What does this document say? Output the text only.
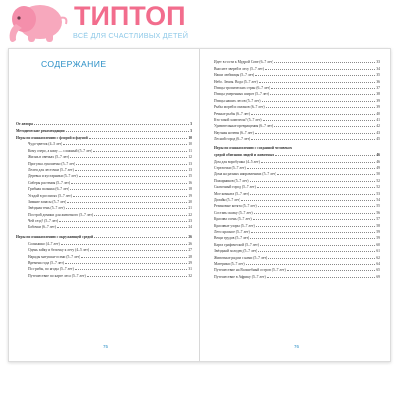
ТИПТОП
ВСЁ ДЛЯ СЧАСТЛИВЫХ ДЕТЕЙ
СОДЕРЖАНИЕ
От автора	3
Методические рекомендации	3
Игры по ознакомлению с флорой и фауной	10
Чудо-цветок (4–5 лет)	10
Кому озеро, а кому — сложный (5–7 лет)	11
Жизнь в овечках (5–7 лет)	12
Прогулка лукошечко (5–7 лет)	13
Лелеи для лесточки (5–7 лет)	13
Деревья и кустарники (5–7 лет)	15
Сиберы растения (5–7 лет)	16
Грибная полянка (6–7 лет)	18
Угадай в росписях (5–7 лет)	19
Зимние запасы (5–7 лет)	20
Звёздная тень (5–7 лет)	21
Построй домики для животного (5–7 лет)	22
Чей сезд? (5–7 лет)	23
Бабочки (6–7 лет)	24
Игры по ознакомлению с окружающей средой	26
Солнышко (4–7 лет)	26
Одень зайку и белочку к лету (4–5 лет)	27
Наряды матушки-осени (5–7 лет)	28
Времена года (5–7 лет)	29
По грибы, по ягоды (5–7 лет)	31
Путешествие по карте леса (5–7 лет)	32
75
Идет в гости к Мудрой Сове (6–7 лет)	33
Вносите зверей в лесу (5–7 лет)	34
Наши любимцы (5–7 лет)	35
Небо. Земля. Вода (5–7 лет)	36
Птицы тропических стран (6–7 лет)	37
Птицы умеренных широт (5–7 лет)	38
Птицы наших лесов (5–7 лет)	39
Рыбы морей и океанов (6–7 лет)	39
Речные рыбы (6–7 лет)	40
Кто такой хамелеон? (5–7 лет)	41
Удивительные превращения (6–7 лет)	42
Научная ночевн (6–7 лет)	43
Лесной город (6–7 лет)	45
Игры по ознакомлению с созданной человеком
средой обитания людей и животных	46
Дом для воробушка (4–5 лет)	46
Стрелочки (5–7 лет)	49
Дома на разных направлениях (5–7 лет)	50
Пожарников (5–7 лет)	52
Сказочный город (5–7 лет)	52
Мое комната (5–7 лет)	53
Дизайн (5–7 лет)	54
Резиновые котята (5–7 лет)	55
Составь сказку (5–7 лет)	56
Красива осень (5–7 лет)	57
Красивые узоры (5–7 лет)	58
Лето красное (5–7 лет)	59
Вещи трудов (5–7 лет)	59
Карта графической (5–7 лет)	60
Звёздный холодец (5–7 лет)	61
Животные рядом с нами (5–7 лет)	62
Материки (5–7 лет)	64
Путешествие на Волшебный остров (5–7 лет)	65
Путешествие в Африку (5–7 лет)	69
76
